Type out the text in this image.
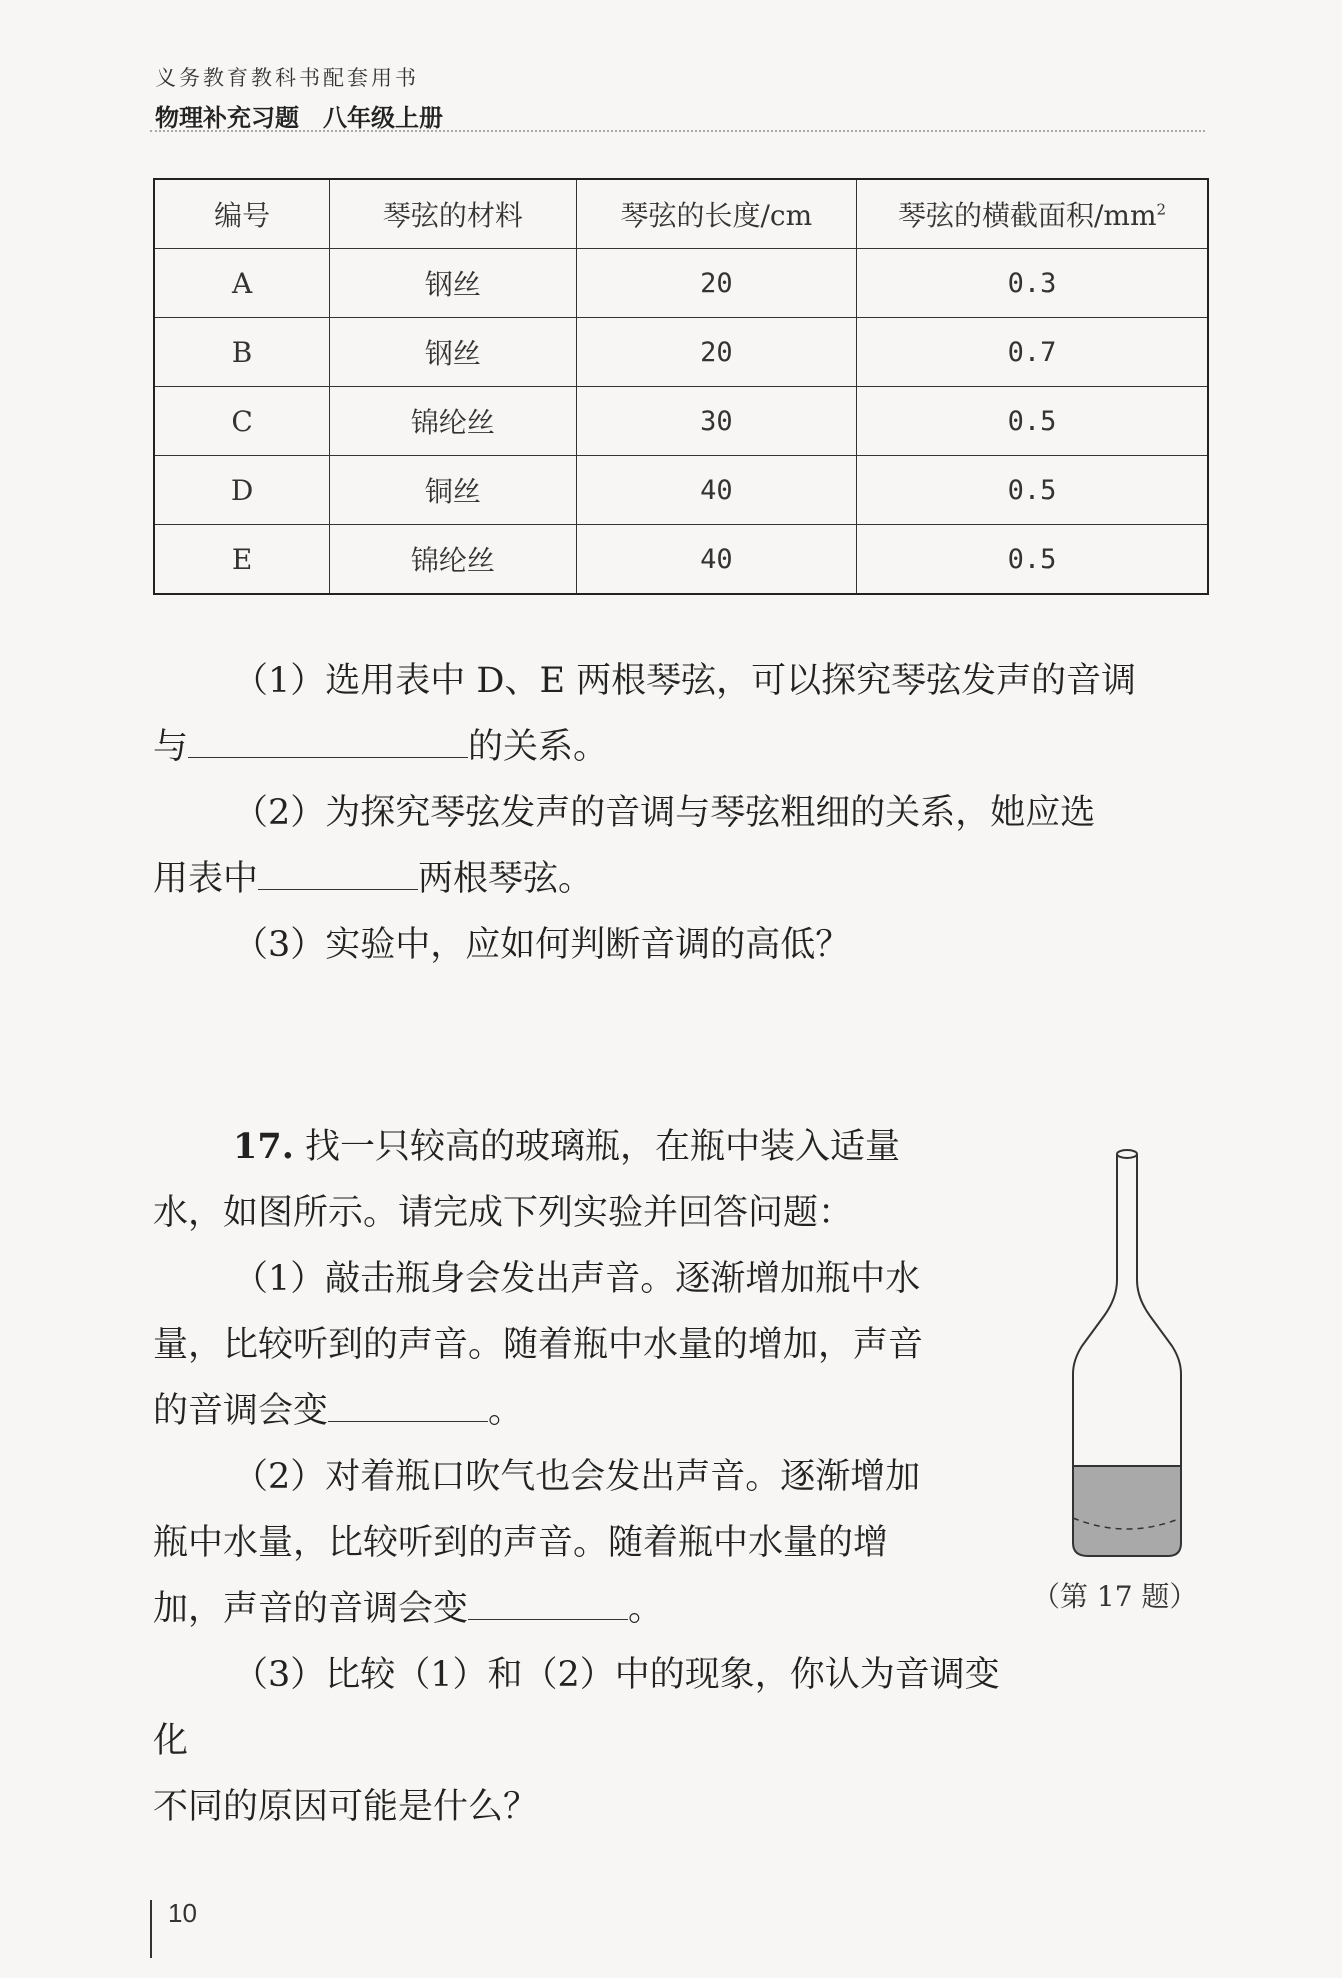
义务教育教科书配套用书
物理补充习题　八年级上册
编号	琴弦的材料	琴弦的长度/cm	琴弦的横截面积$/mm^2$
A	钢丝	20	0.3
B	钢丝	20	0.7
C	锦纶丝	30	0.5
D	铜丝	40	0.5
E	锦纶丝	40	0.5

（1）选用表中 D、E 两根琴弦，可以探究琴弦发声的音调

与	的关系。

（2）为探究琴弦发声的音调与琴弦粗细的关系，她应选

用表中	两根琴弦。

（3）实验中，应如何判断音调的高低？

17. 找一只较高的玻璃瓶，在瓶中装入适量

水，如图所示。请完成下列实验并回答问题：

（1）敲击瓶身会发出声音。逐渐增加瓶中水

量，比较听到的声音。随着瓶中水量的增加，声音

的音调会变	。

（2）对着瓶口吹气也会发出声音。逐渐增加

瓶中水量，比较听到的声音。随着瓶中水量的增

加，声音的音调会变	。

（3）比较（1）和（2）中的现象，你认为音调变化

不同的原因可能是什么？

（第 17 题）
10
